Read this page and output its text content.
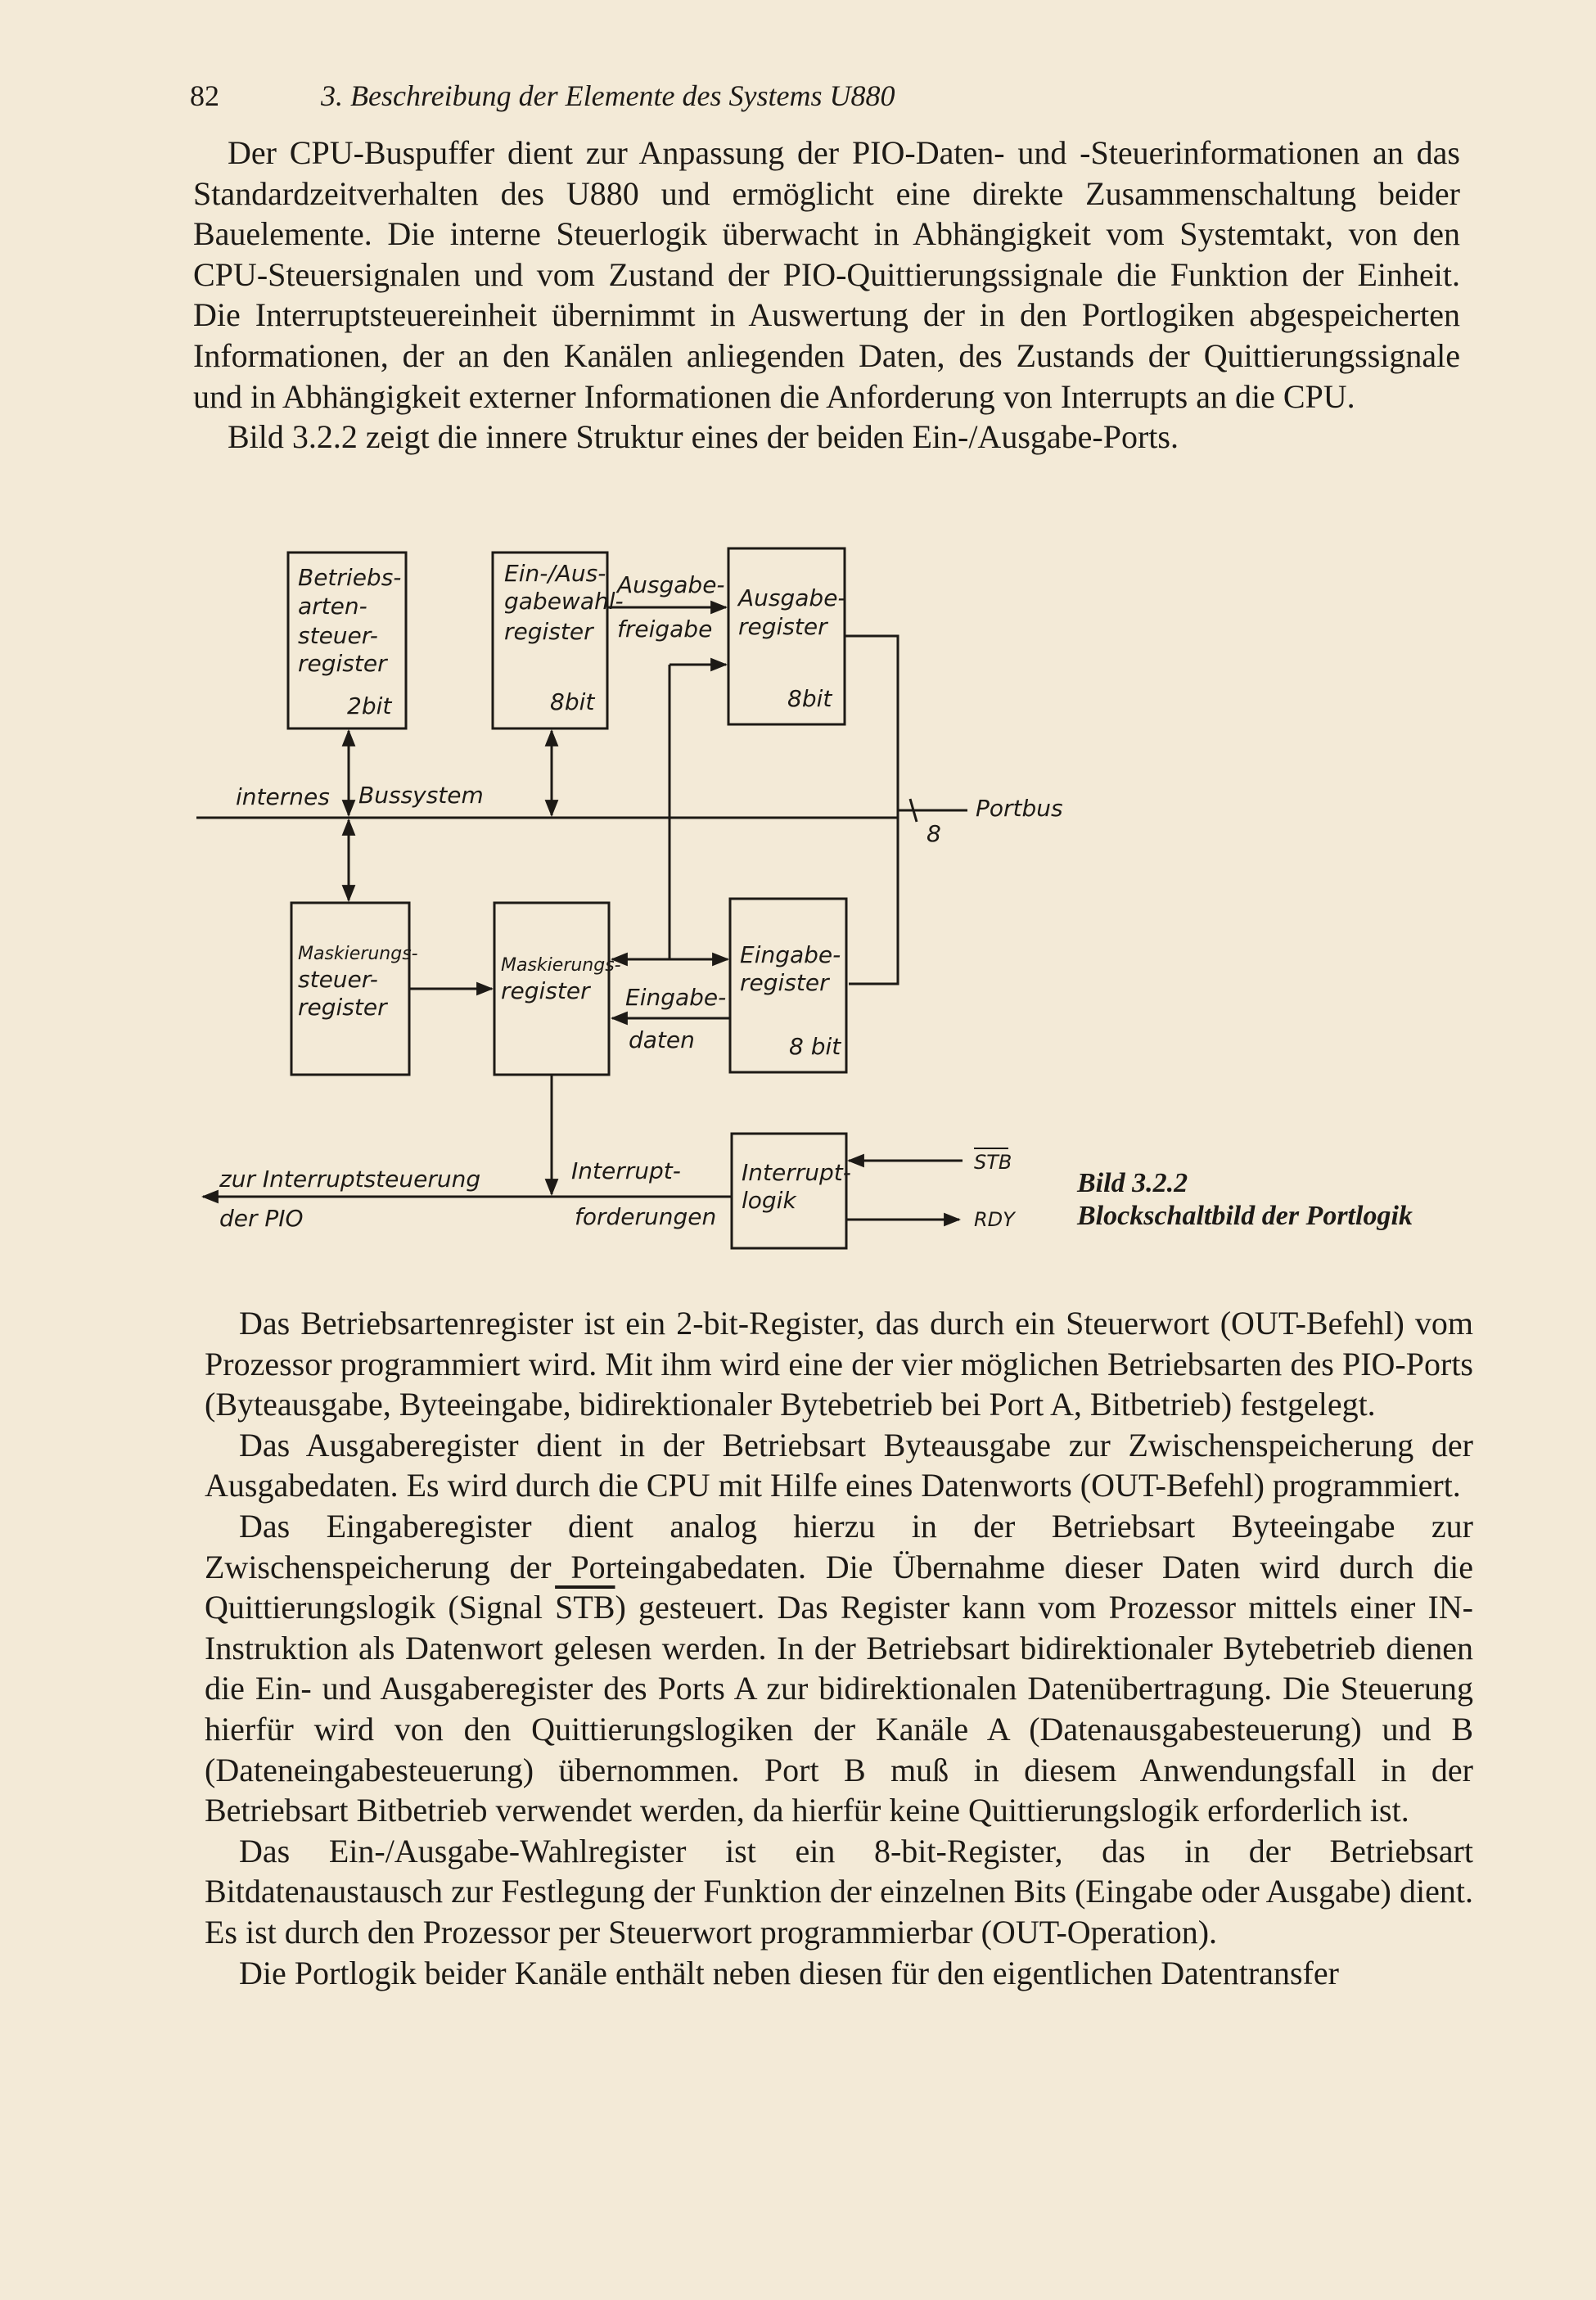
82	3. Beschreibung der Elemente des Systems U880

Der CPU-Buspuffer dient zur Anpassung der PIO-Daten- und -Steuerinformationen an das Standardzeitverhalten des U880 und ermöglicht eine direkte Zusammenschaltung beider Bauelemente. Die interne Steuerlogik überwacht in Abhängigkeit vom Systemtakt, von den CPU-Steuersignalen und vom Zustand der PIO-Quittierungssignale die Funktion der Einheit. Die Interruptsteuereinheit übernimmt in Auswertung der in den Portlogiken abgespeicherten Informationen, der an den Kanälen anliegenden Daten, des Zustands der Quittierungssignale und in Abhängigkeit externer Informationen die Anforderung von Interrupts an die CPU.

Bild 3.2.2 zeigt die innere Struktur eines der beiden Ein-/Ausgabe-Ports.

Betriebs-
arten-
steuer-
register
2bit
Ein-/Aus-
gabewahl-
register
8bit
Ausgabe-
register
8bit
Maskierungs-
steuer-
register
Maskierungs-
register
Eingabe-
register
8 bit
Interrupt-
logik
Ausgabe-
freigabe
internes Bussystem	Portbus
8
Eingabe-
daten
zur Interruptsteuerung
der PIO
Interrupt-
forderungen
STB
RDY
Bild 3.2.2
Blockschaltbild der Portlogik

Das Betriebsartenregister ist ein 2-bit-Register, das durch ein Steuerwort (OUT-Befehl) vom Prozessor programmiert wird. Mit ihm wird eine der vier möglichen Betriebsarten des PIO-Ports (Byteausgabe, Byteeingabe, bidirektionaler Bytebetrieb bei Port A, Bitbetrieb) festgelegt.

Das Ausgaberegister dient in der Betriebsart Byteausgabe zur Zwischenspeicherung der Ausgabedaten. Es wird durch die CPU mit Hilfe eines Datenworts (OUT-Befehl) programmiert.

Das Eingaberegister dient analog hierzu in der Betriebsart Byteeingabe zur Zwischenspeicherung der Porteingabedaten. Die Übernahme dieser Daten wird durch die Quittierungslogik (Signal $\overline{STB}$) gesteuert. Das Register kann vom Prozessor mittels einer IN-Instruktion als Datenwort gelesen werden. In der Betriebsart bidirektionaler Bytebetrieb dienen die Ein- und Ausgaberegister des Ports A zur bidirektionalen Datenübertragung. Die Steuerung hierfür wird von den Quittierungslogiken der Kanäle A (Datenausgabesteuerung) und B (Dateneingabesteuerung) übernommen. Port B muß in diesem Anwendungsfall in der Betriebsart Bitbetrieb verwendet werden, da hierfür keine Quittierungslogik erforderlich ist.

Das Ein-/Ausgabe-Wahlregister ist ein 8-bit-Register, das in der Betriebsart Bitdatenaustausch zur Festlegung der Funktion der einzelnen Bits (Eingabe oder Ausgabe) dient. Es ist durch den Prozessor per Steuerwort programmierbar (OUT-Operation).

Die Portlogik beider Kanäle enthält neben diesen für den eigentlichen Datentransfer
